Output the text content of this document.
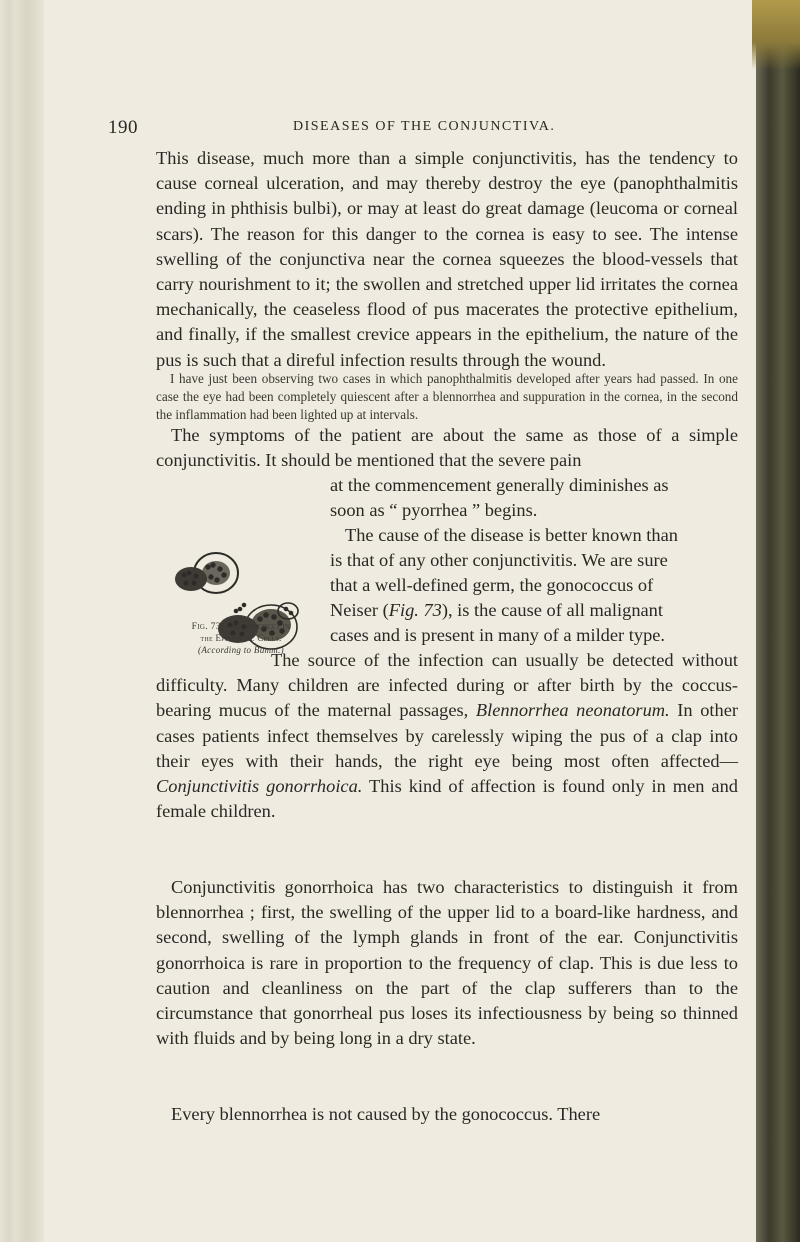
190	DISEASES OF THE CONJUNCTIVA.

This disease, much more than a simple conjunctivitis, has the tendency to cause corneal ulceration, and may thereby destroy the eye (panophthalmitis ending in phthisis bulbi), or may at least do great damage (leucoma or corneal scars). The reason for this danger to the cornea is easy to see. The intense swelling of the conjunctiva near the cornea squeezes the blood-vessels that carry nourishment to it; the swollen and stretched upper lid irritates the cornea mechanically, the ceaseless flood of pus macerates the protective epithelium, and finally, if the smallest crevice appears in the epithelium, the nature of the pus is such that a direful infection results through the wound.

I have just been observing two cases in which panophthalmitis developed after years had passed. In one case the eye had been completely quiescent after a blennorrhea and suppuration in the cornea, in the second the inflammation had been lighted up at intervals.

The symptoms of the patient are about the same as those of a simple conjunctivitis. It should be mentioned that the severe pain

Fig. 73.—Gonococci in
the Epithelial Cells.
(According to Bumm.)
at the commencement generally diminishes as
soon as “ pyorrhea ” begins.
The cause of the disease is better known than
is that of any other conjunctivitis. We are sure
that a well-defined germ, the gonococcus of
Neiser (Fig. 73), is the cause of all malignant
cases and is present in many of a milder type.

The source of the infection can usually be detected without difficulty. Many children are infected during or after birth by the coccus-bearing mucus of the maternal passages, Blennorrhea neonatorum. In other cases patients infect themselves by carelessly wiping the pus of a clap into their eyes with their hands, the right eye being most often affected—Conjunctivitis gonorrhoica. This kind of affection is found only in men and female children.

Conjunctivitis gonorrhoica has two characteristics to distinguish it from blennorrhea ; first, the swelling of the upper lid to a board-like hardness, and second, swelling of the lymph glands in front of the ear. Conjunctivitis gonorrhoica is rare in proportion to the frequency of clap. This is due less to caution and cleanliness on the part of the clap sufferers than to the circumstance that gonorrheal pus loses its infectiousness by being so thinned with fluids and by being long in a dry state.

Every blennorrhea is not caused by the gonococcus. There
